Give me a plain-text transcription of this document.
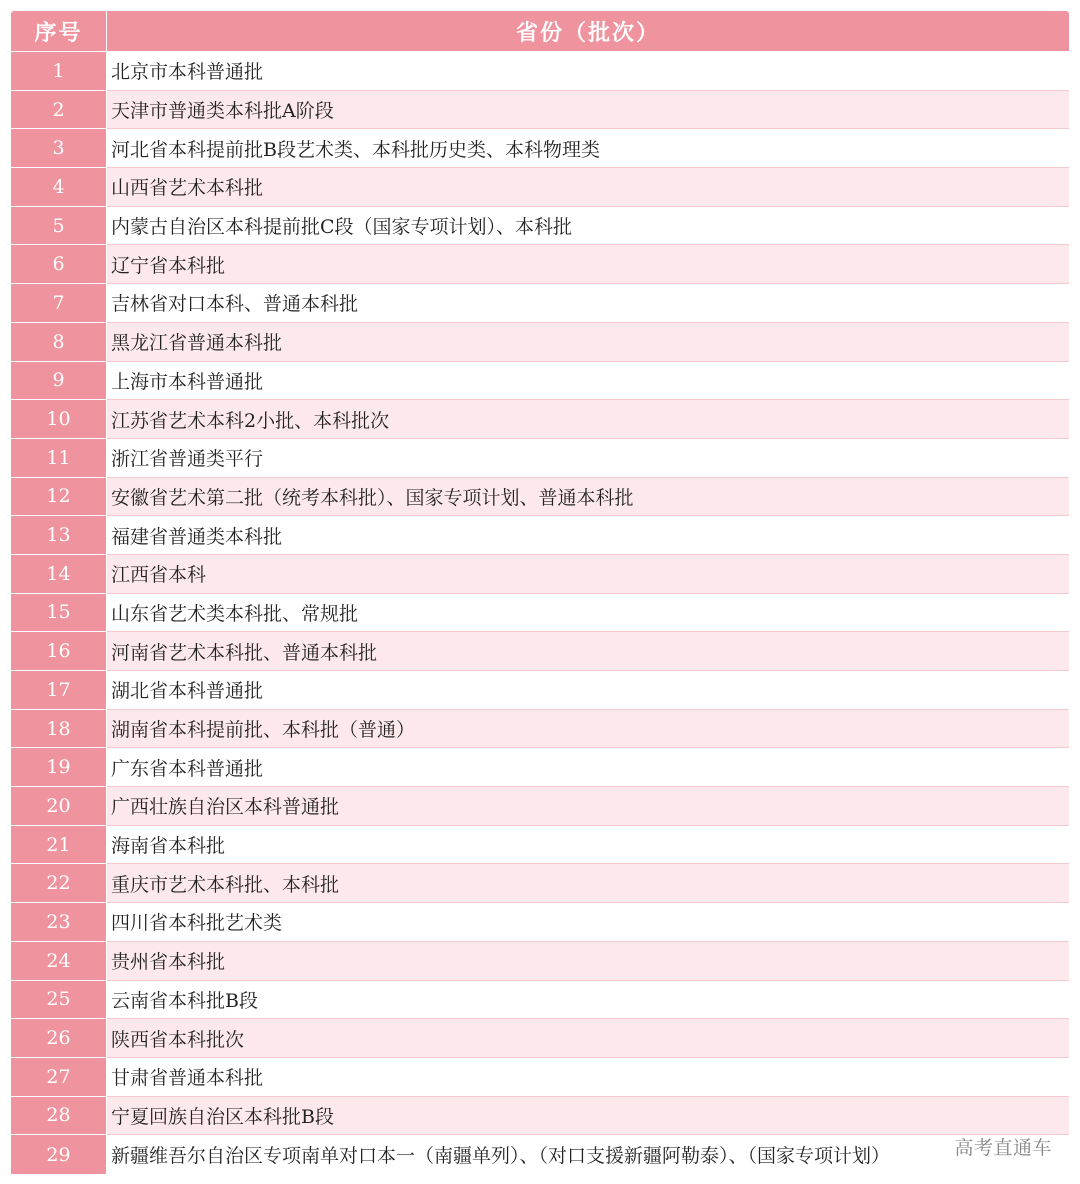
序号	省份（批次）
1	北京市本科普通批
2	天津市普通类本科批A阶段
3	河北省本科提前批B段艺术类、本科批历史类、本科物理类
4	山西省艺术本科批
5	内蒙古自治区本科提前批C段（国家专项计划）、本科批
6	辽宁省本科批
7	吉林省对口本科、普通本科批
8	黑龙江省普通本科批
9	上海市本科普通批
10	江苏省艺术本科2小批、本科批次
11	浙江省普通类平行
12	安徽省艺术第二批（统考本科批）、国家专项计划、普通本科批
13	福建省普通类本科批
14	江西省本科
15	山东省艺术类本科批、常规批
16	河南省艺术本科批、普通本科批
17	湖北省本科普通批
18	湖南省本科提前批、本科批（普通）
19	广东省本科普通批
20	广西壮族自治区本科普通批
21	海南省本科批
22	重庆市艺术本科批、本科批
23	四川省本科批艺术类
24	贵州省本科批
25	云南省本科批B段
26	陕西省本科批次
27	甘肃省普通本科批
28	宁夏回族自治区本科批B段
29	新疆维吾尔自治区专项南单对口本一（南疆单列）、（对口支援新疆阿勒泰）、（国家专项计划）	高考直通车
